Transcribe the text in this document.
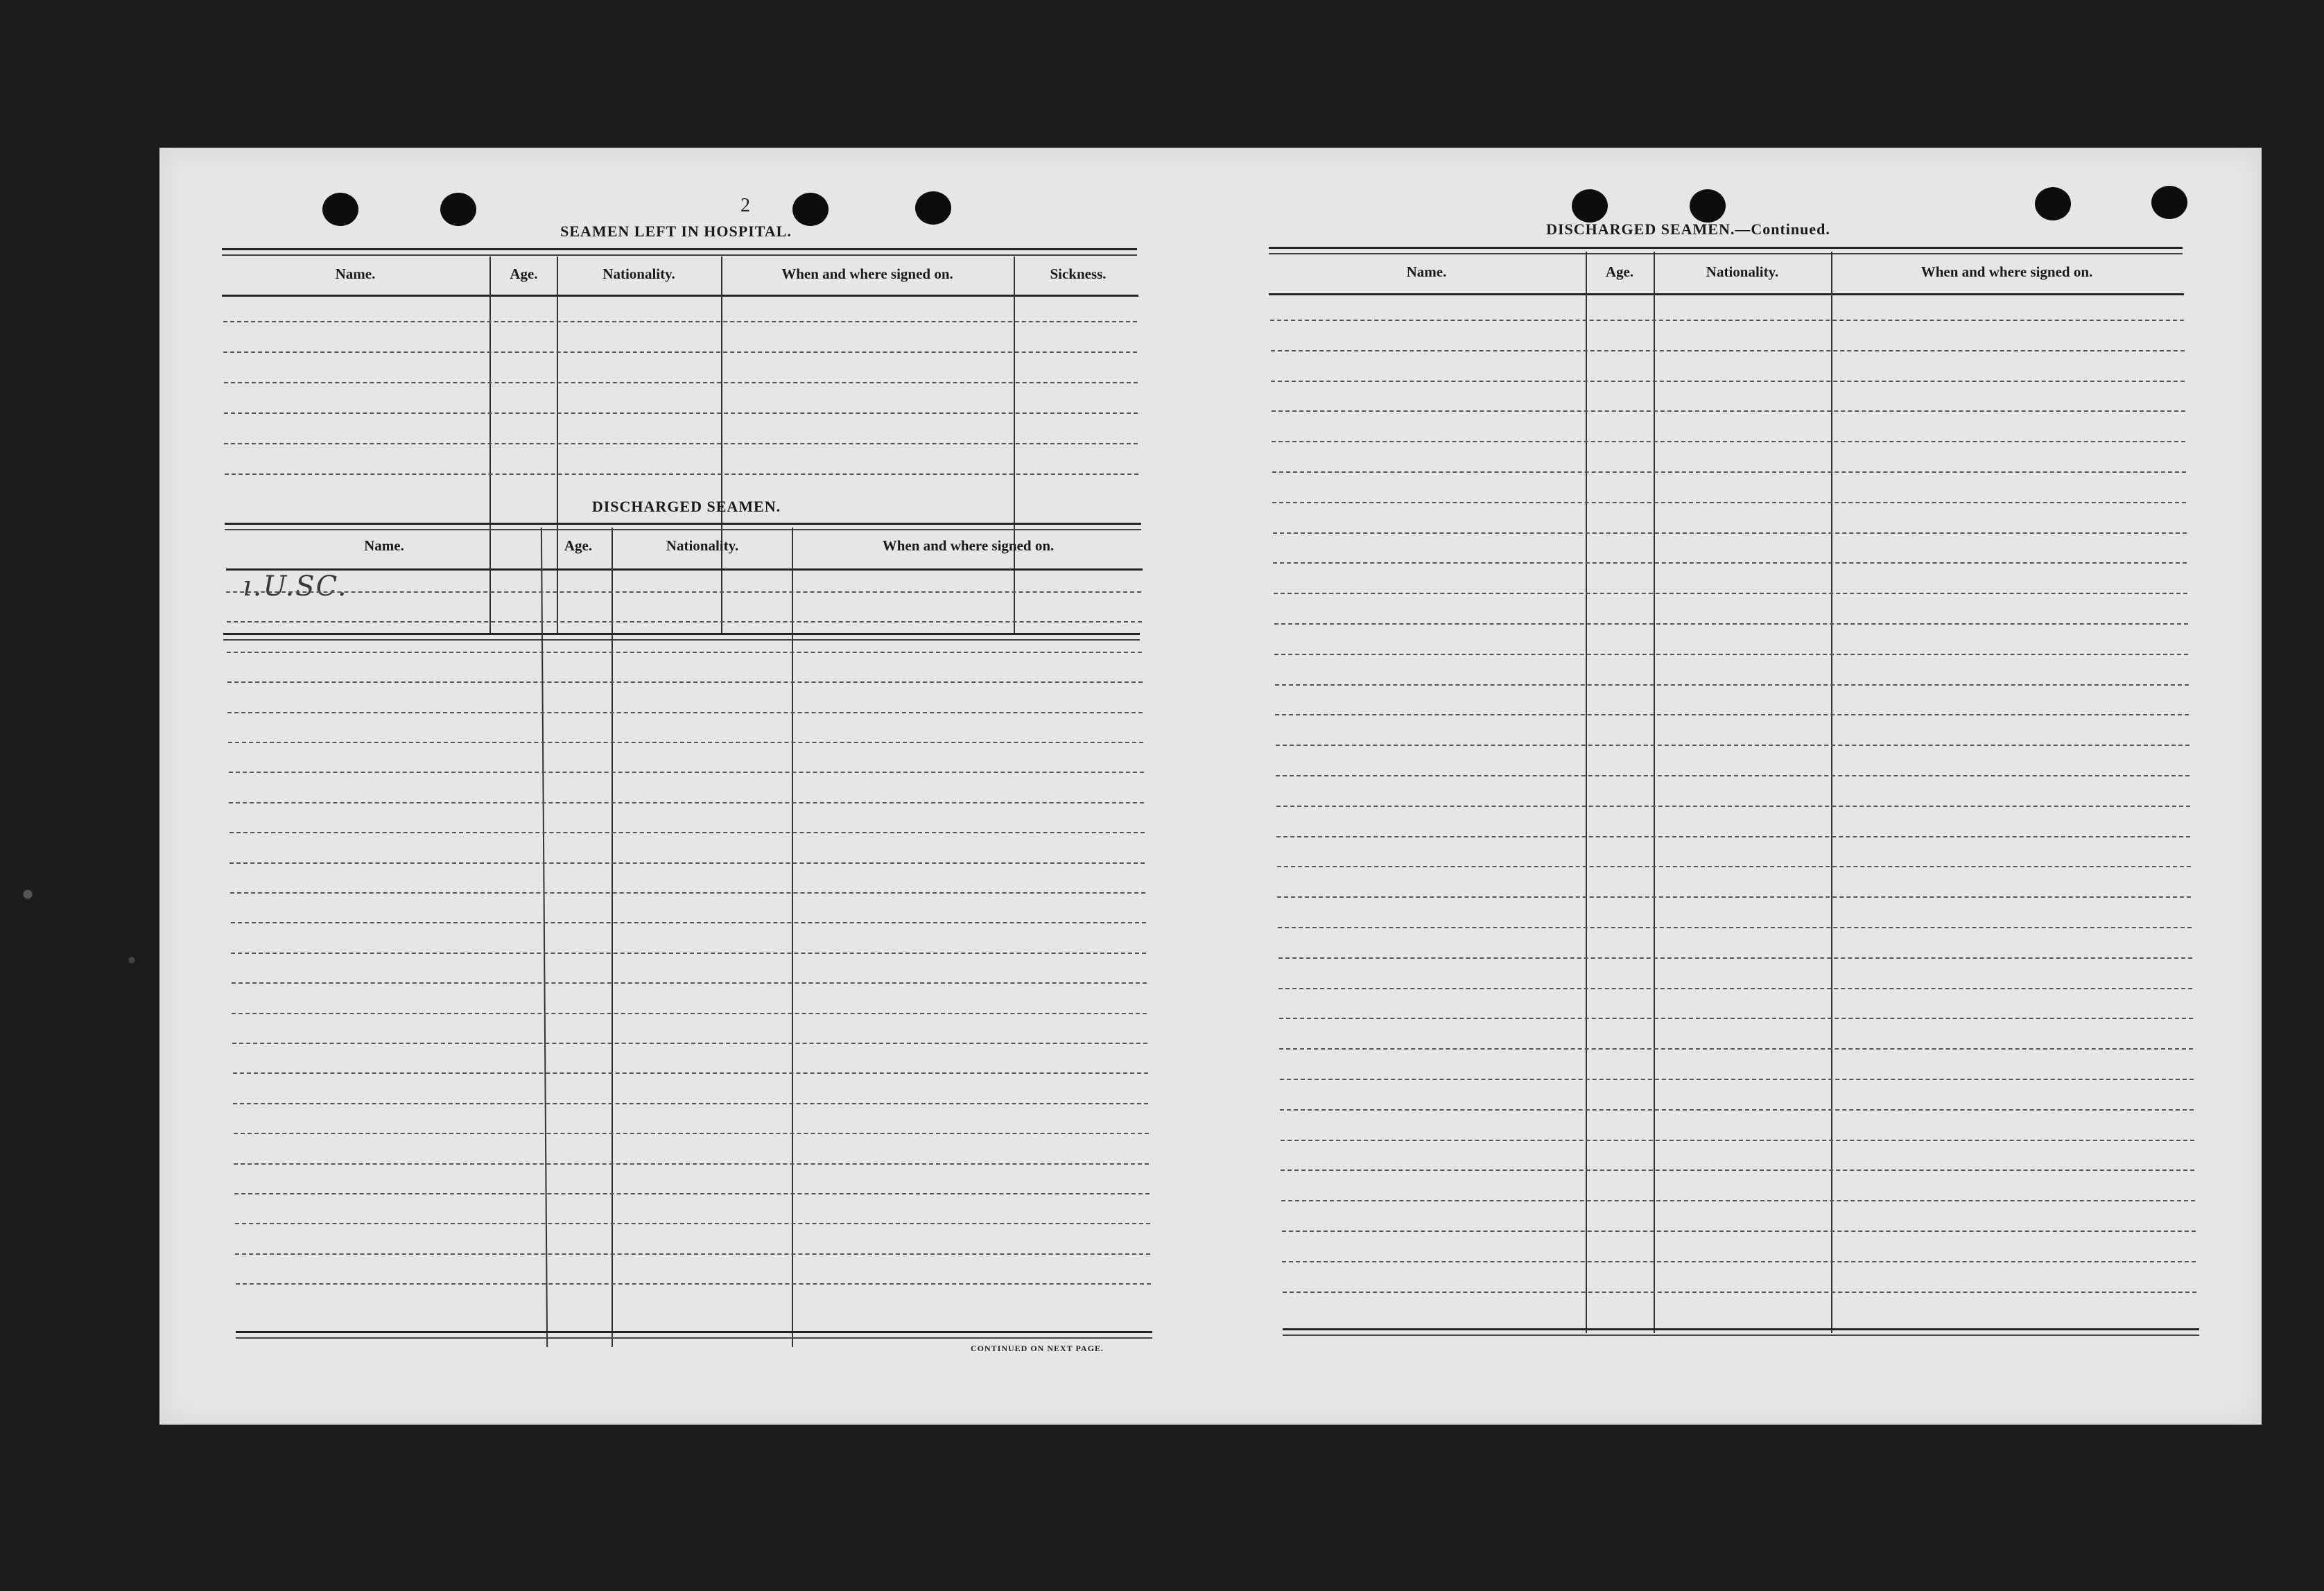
2
SEAMEN LEFT IN HOSPITAL.
Name.	Age.	Nationality.	When and where signed on.	Sickness.
DISCHARGED SEAMEN.
Name.	Age.	Nationality.	When and where signed on.
ı.U.SC.
CONTINUED ON NEXT PAGE.
DISCHARGED SEAMEN.—Continued.
Name.	Age.	Nationality.	When and where signed on.
